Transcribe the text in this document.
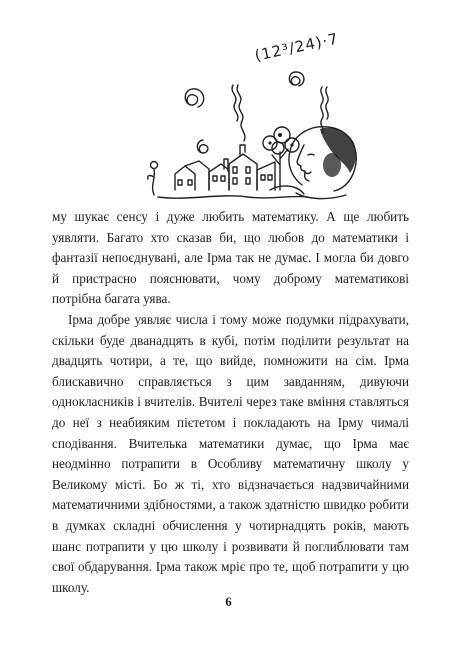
(12³/24)·7

му шукає сенсу і дуже любить математику. А ще любить уявляти. Багато хто сказав би, що любов до математики і фантазії непоєднувані, але Ірма так не думає. І могла би довго й пристрасно пояснювати, чому доброму математикові потрібна багата уява.

Ірма добре уявляє числа і тому може подумки підрахувати, скільки буде дванадцять в кубі, потім поділити результат на двадцять чотири, а те, що вийде, помножити на сім. Ірма блискавично справляється з цим завданням, дивуючи однокласників і вчителів. Вчителі через таке вміння ставляться до неї з неабияким пієтетом і покладають на Ірму чималі сподівання. Вчителька математики думає, що Ірма має неодмінно потрапити в Особливу математичну школу у Великому місті. Бо ж ті, хто відзначається надзвичайними математичними здібностями, а також здатністю швидко робити в думках складні обчислення у чотирнадцять років, мають шанс потрапити у цю школу і розвивати й поглиблювати там свої обдарування. Ірма також мріє про те, щоб потрапити у цю школу.

6
